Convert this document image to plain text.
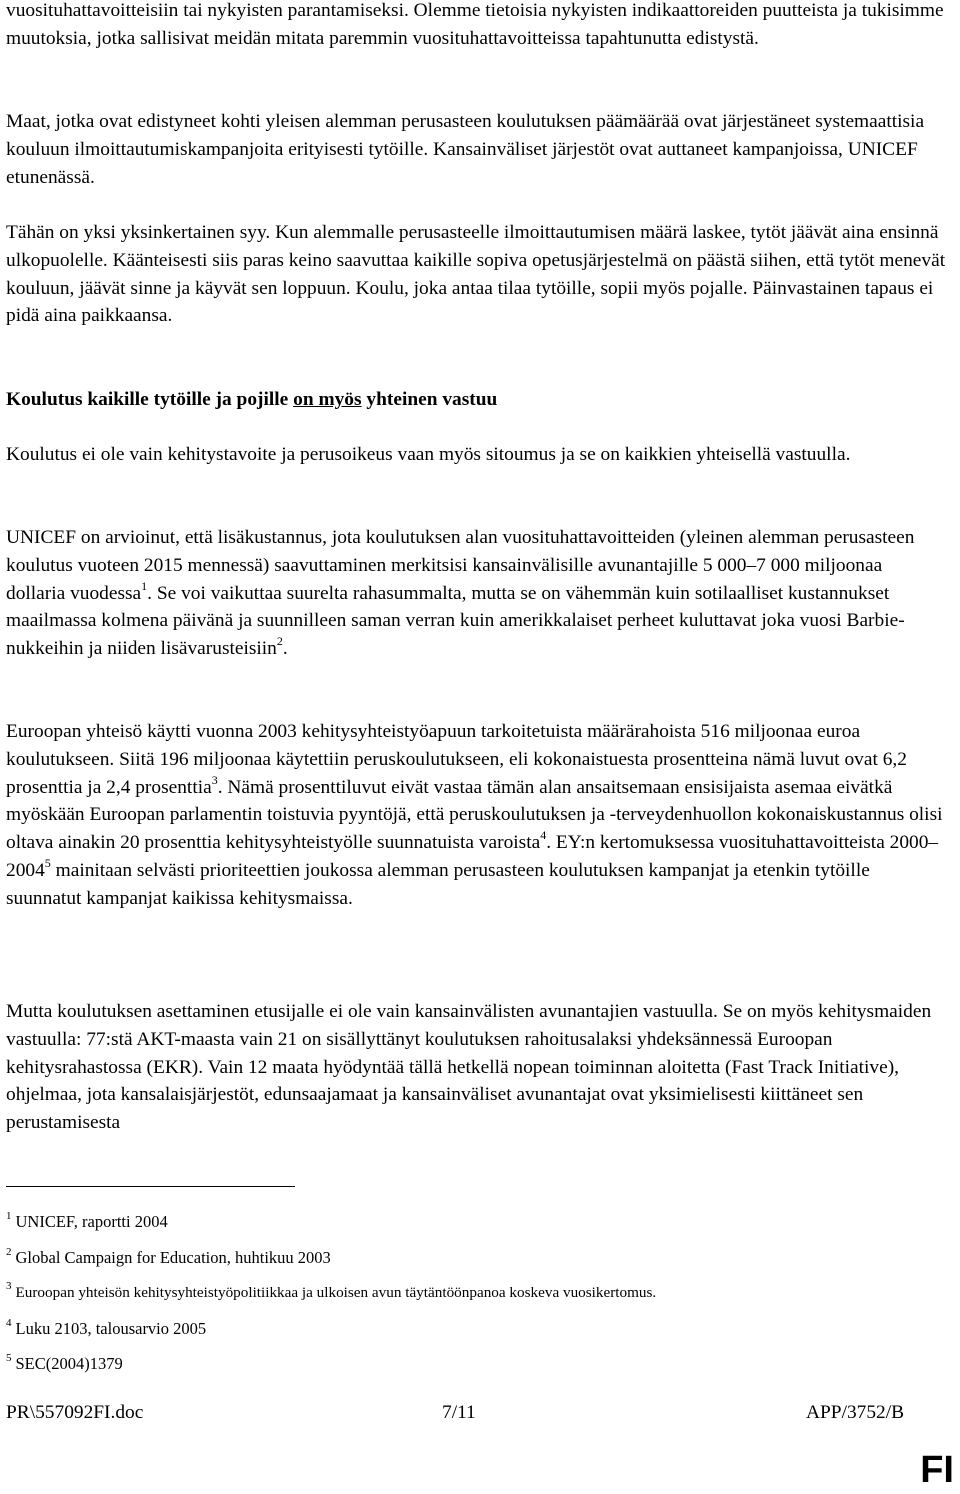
vuosituhattavoitteisiin tai nykyisten parantamiseksi. Olemme tietoisia nykyisten indikaattoreiden puutteista ja tukisimme muutoksia, jotka sallisivat meidän mitata paremmin vuosituhattavoitteissa tapahtunutta edistystä.

Maat, jotka ovat edistyneet kohti yleisen alemman perusasteen koulutuksen päämäärää ovat järjestäneet systemaattisia kouluun ilmoittautumiskampanjoita erityisesti tytöille. Kansainväliset järjestöt ovat auttaneet kampanjoissa, UNICEF etunenässä.

Tähän on yksi yksinkertainen syy. Kun alemmalle perusasteelle ilmoittautumisen määrä laskee, tytöt jäävät aina ensinnä ulkopuolelle. Käänteisesti siis paras keino saavuttaa kaikille sopiva opetusjärjestelmä on päästä siihen, että tytöt menevät kouluun, jäävät sinne ja käyvät sen loppuun. Koulu, joka antaa tilaa tytöille, sopii myös pojalle. Päinvastainen tapaus ei pidä aina paikkaansa.

Koulutus kaikille tytöille ja pojille on myös yhteinen vastuu

Koulutus ei ole vain kehitystavoite ja perusoikeus vaan myös sitoumus ja se on kaikkien yhteisellä vastuulla.

UNICEF on arvioinut, että lisäkustannus, jota koulutuksen alan vuosituhattavoitteiden (yleinen alemman perusasteen koulutus vuoteen 2015 mennessä) saavuttaminen merkitsisi kansainvälisille avunantajille 5 000–7 000 miljoonaa dollaria vuodessa$^1$. Se voi vaikuttaa suurelta rahasummalta, mutta se on vähemmän kuin sotilaalliset kustannukset maailmassa kolmena päivänä ja suunnilleen saman verran kuin amerikkalaiset perheet kuluttavat joka vuosi Barbie-nukkeihin ja niiden lisävarusteisiin$^2$.

Euroopan yhteisö käytti vuonna 2003 kehitysyhteistyöapuun tarkoitetuista määrärahoista 516 miljoonaa euroa koulutukseen. Siitä 196 miljoonaa käytettiin peruskoulutukseen, eli kokonaistuesta prosentteina nämä luvut ovat 6,2 prosenttia ja 2,4 prosenttia$^3$. Nämä prosenttiluvut eivät vastaa tämän alan ansaitsemaan ensisijaista asemaa eivätkä myöskään Euroopan parlamentin toistuvia pyyntöjä, että peruskoulutuksen ja -terveydenhuollon kokonaiskustannus olisi oltava ainakin 20 prosenttia kehitysyhteistyölle suunnatuista varoista$^4$. EY:n kertomuksessa vuosituhattavoitteista 2000–2004$^5$ mainitaan selvästi prioriteettien joukossa alemman perusasteen koulutuksen kampanjat ja etenkin tytöille suunnatut kampanjat kaikissa kehitysmaissa.

Mutta koulutuksen asettaminen etusijalle ei ole vain kansainvälisten avunantajien vastuulla. Se on myös kehitysmaiden vastuulla: 77:stä AKT-maasta vain 21 on sisällyttänyt koulutuksen rahoitusalaksi yhdeksännessä Euroopan kehitysrahastossa (EKR). Vain 12 maata hyödyntää tällä hetkellä nopean toiminnan aloitetta (Fast Track Initiative), ohjelmaa, jota kansalaisjärjestöt, edunsaajamaat ja kansainväliset avunantajat ovat yksimielisesti kiittäneet sen perustamisesta

$^1$ UNICEF, raportti 2004
$^2$ Global Campaign for Education, huhtikuu 2003
$^3$ Euroopan yhteisön kehitysyhteistyöpolitiikkaa ja ulkoisen avun täytäntöönpanoa koskeva vuosikertomus.
$^4$ Luku 2103, talousarvio 2005
$^5$ SEC(2004)1379
PR\557092FI.doc	7/11	APP/3752/B
FI
